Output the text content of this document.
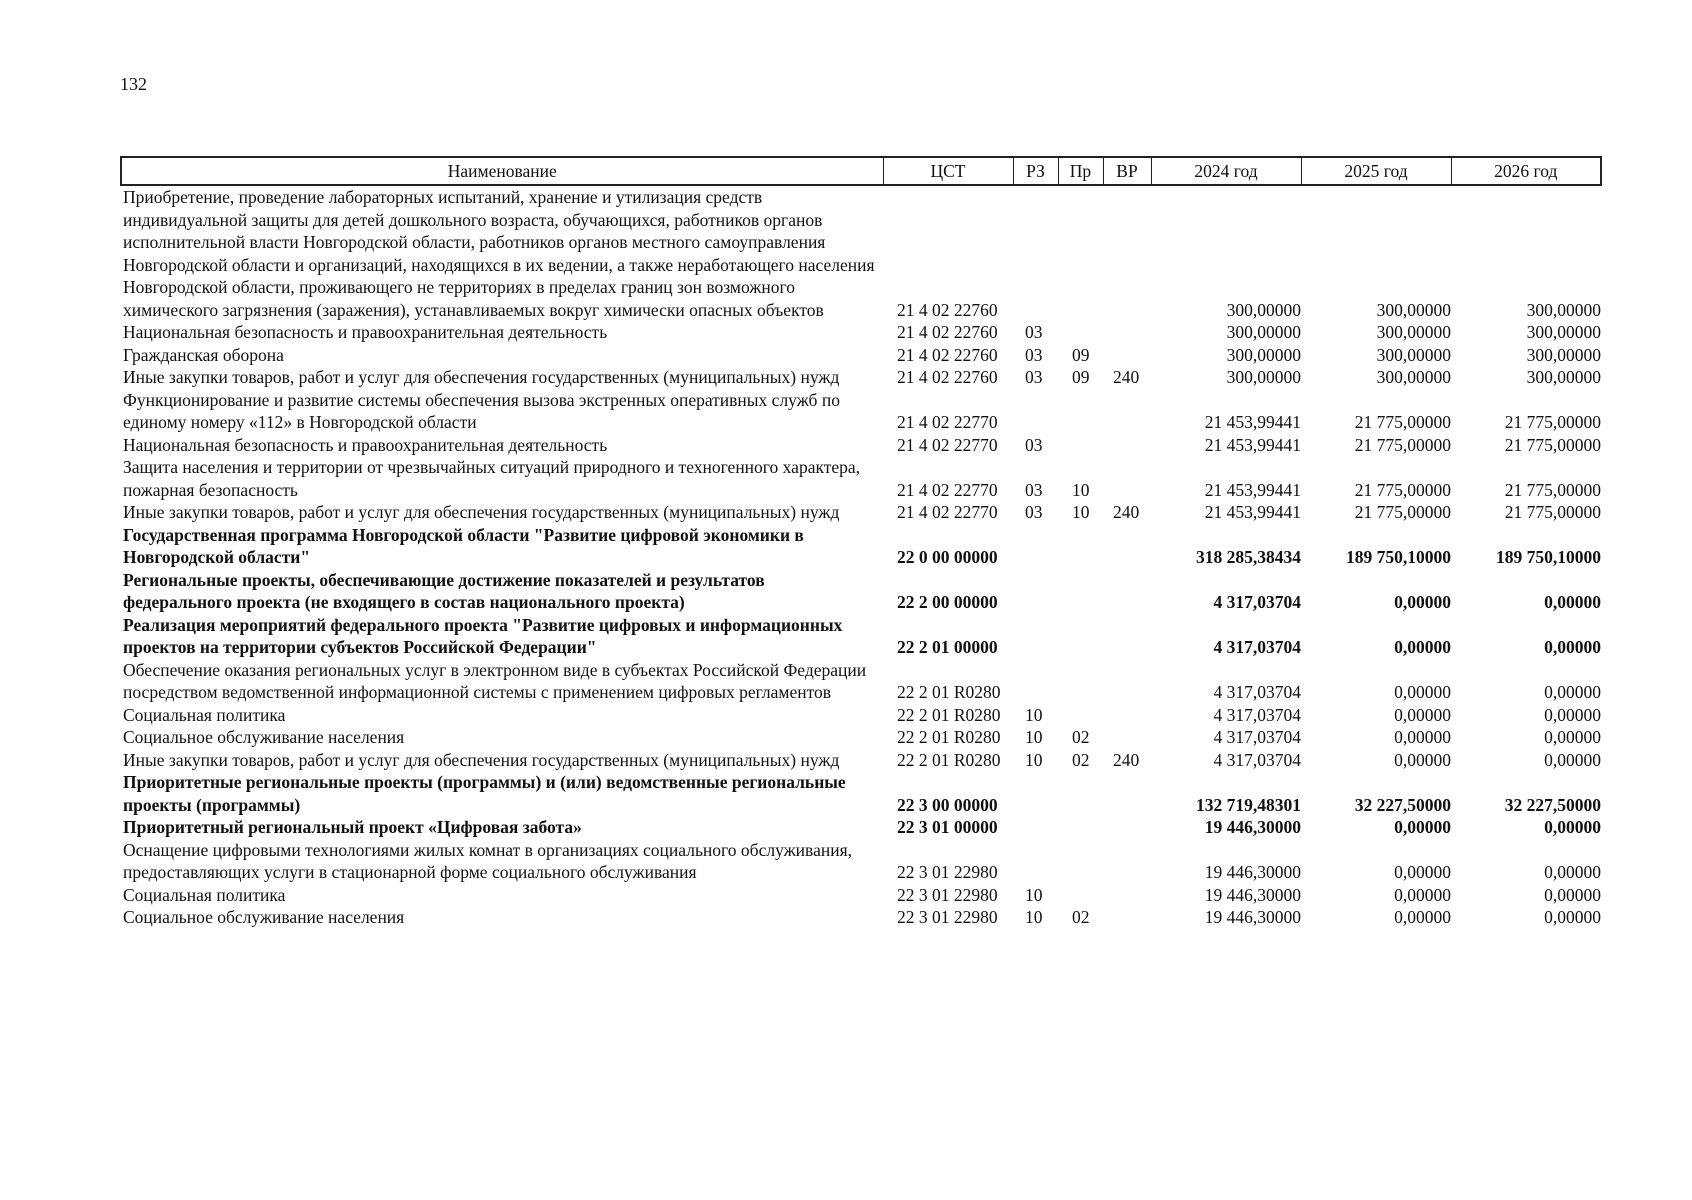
132
Наименование	ЦСТ	РЗ	Пр	ВР	2024 год	2025 год	2026 год
Приобретение, проведение лабораторных испытаний, хранение и утилизация средств индивидуальной защиты для детей дошкольного возраста, обучающихся, работников органов исполнительной власти Новгородской области, работников органов местного самоуправления Новгородской области и организаций, находящихся в их ведении, а также неработающего населения Новгородской области, проживающего не территориях в пределах границ зон возможного химического загрязнения (заражения), устанавливаемых вокруг химически опасных объектов	21 4 02 22760				300,00000	300,00000	300,00000
Национальная безопасность и правоохранительная деятельность	21 4 02 22760	03			300,00000	300,00000	300,00000
Гражданская оборона	21 4 02 22760	03	09		300,00000	300,00000	300,00000
Иные закупки товаров, работ и услуг для обеспечения государственных (муниципальных) нужд	21 4 02 22760	03	09	240	300,00000	300,00000	300,00000
Функционирование и развитие системы обеспечения вызова экстренных оперативных служб по единому номеру «112» в Новгородской области	21 4 02 22770				21 453,99441	21 775,00000	21 775,00000
Национальная безопасность и правоохранительная деятельность	21 4 02 22770	03			21 453,99441	21 775,00000	21 775,00000
Защита населения и территории от чрезвычайных ситуаций природного и техногенного характера, пожарная безопасность	21 4 02 22770	03	10		21 453,99441	21 775,00000	21 775,00000
Иные закупки товаров, работ и услуг для обеспечения государственных (муниципальных) нужд	21 4 02 22770	03	10	240	21 453,99441	21 775,00000	21 775,00000
Государственная программа Новгородской области "Развитие цифровой экономики в Новгородской области"	22 0 00 00000				318 285,38434	189 750,10000	189 750,10000
Региональные проекты, обеспечивающие достижение показателей и результатов федерального проекта (не входящего в состав национального проекта)	22 2 00 00000				4 317,03704	0,00000	0,00000
Реализация мероприятий федерального проекта "Развитие цифровых и информационных проектов на территории субъектов Российской Федерации"	22 2 01 00000				4 317,03704	0,00000	0,00000
Обеспечение оказания региональных услуг в электронном виде в субъектах Российской Федерации посредством ведомственной информационной системы с применением цифровых регламентов	22 2 01 R0280				4 317,03704	0,00000	0,00000
Социальная политика	22 2 01 R0280	10			4 317,03704	0,00000	0,00000
Социальное обслуживание населения	22 2 01 R0280	10	02		4 317,03704	0,00000	0,00000
Иные закупки товаров, работ и услуг для обеспечения государственных (муниципальных) нужд	22 2 01 R0280	10	02	240	4 317,03704	0,00000	0,00000
Приоритетные региональные проекты (программы) и (или) ведомственные региональные проекты (программы)	22 3 00 00000				132 719,48301	32 227,50000	32 227,50000
Приоритетный региональный проект «Цифровая забота»	22 3 01 00000				19 446,30000	0,00000	0,00000
Оснащение цифровыми технологиями жилых комнат в организациях социального обслуживания, предоставляющих услуги в стационарной форме социального обслуживания	22 3 01 22980				19 446,30000	0,00000	0,00000
Социальная политика	22 3 01 22980	10			19 446,30000	0,00000	0,00000
Социальное обслуживание населения	22 3 01 22980	10	02		19 446,30000	0,00000	0,00000
